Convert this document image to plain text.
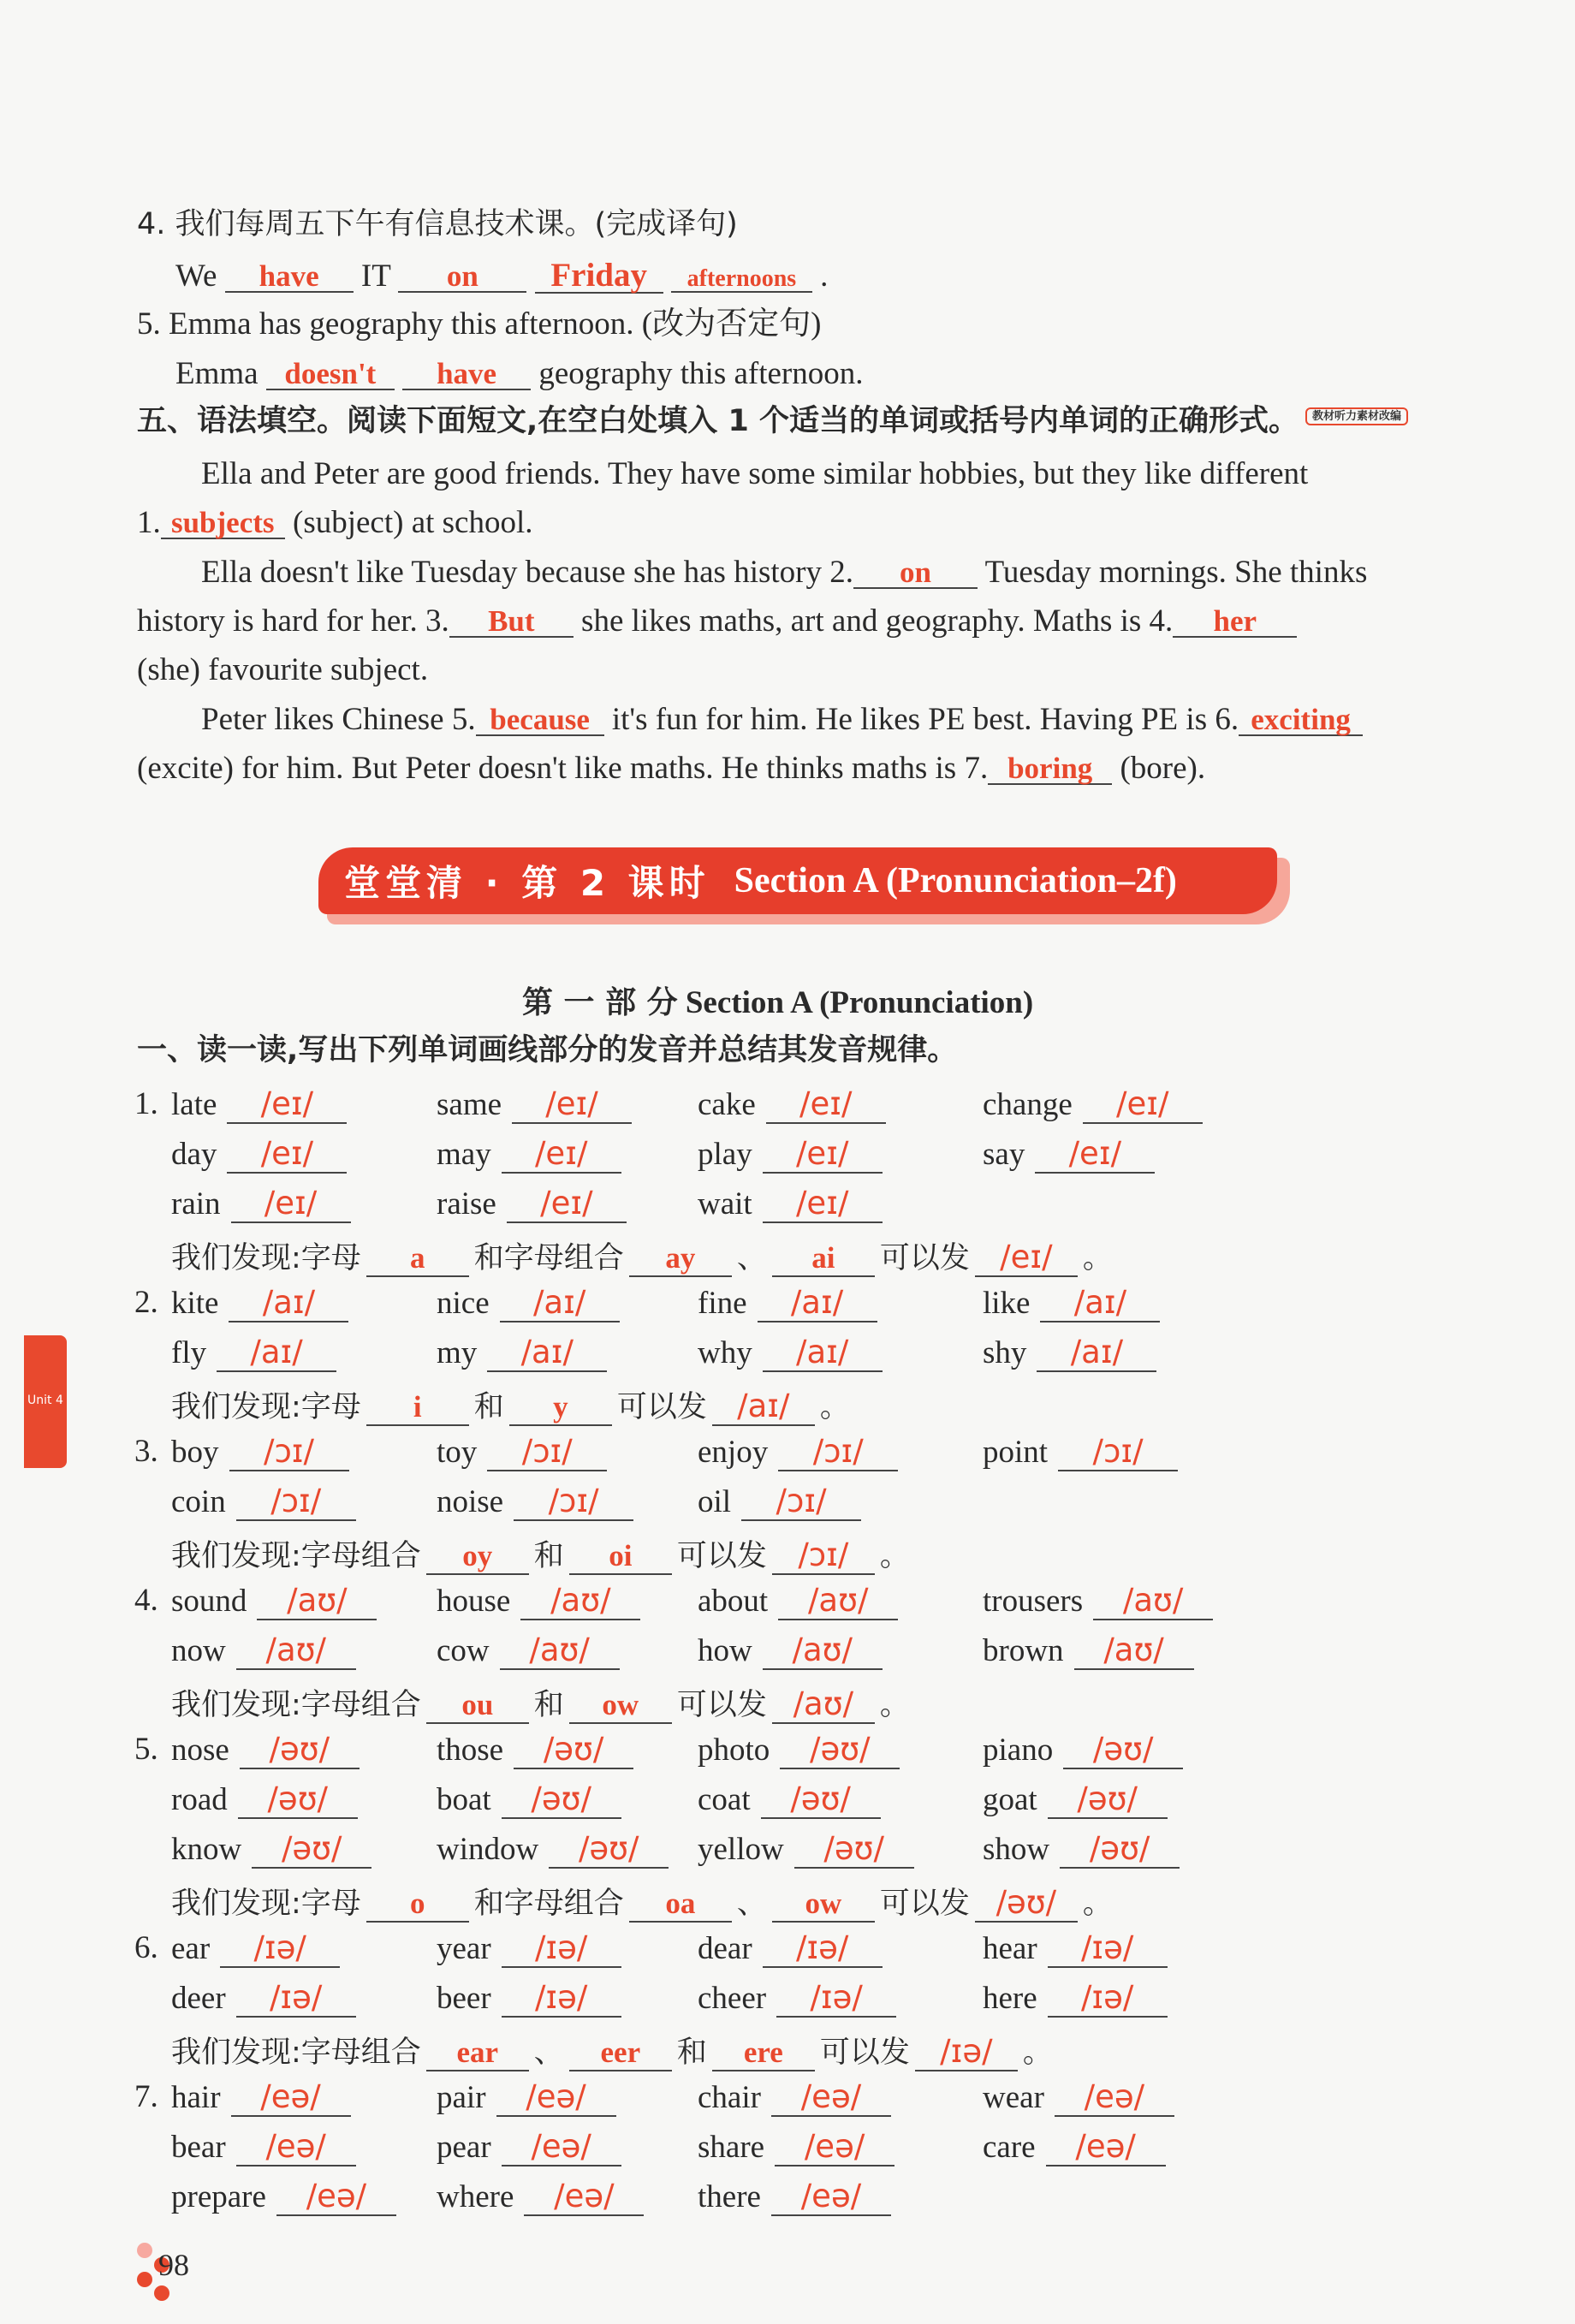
4. 我们每周五下午有信息技术课。(完成译句)
We have IT on Friday afternoons .
5. Emma has geography this afternoon. (改为否定句)
Emma doesn't have geography this afternoon.
五、语法填空。阅读下面短文,在空白处填入 1 个适当的单词或括号内单词的正确形式。 教材听力素材改编
Ella and Peter are good friends. They have some similar hobbies, but they like different
1. subjects (subject) at school.
Ella doesn't like Tuesday because she has history 2. on Tuesday mornings. She thinks
history is hard for her. 3. But she likes maths, art and geography. Maths is 4. her
(she) favourite subject.
Peter likes Chinese 5. because it's fun for him. He likes PE best. Having PE is 6. exciting
(excite) for him. But Peter doesn't like maths. He thinks maths is 7. boring (bore).
堂堂清 · 第 2 课时 Section A (Pronunciation–2f)
第 一 部 分 Section A (Pronunciation)
一、读一读,写出下列单词画线部分的发音并总结其发音规律。
1. late /eɪ/	same /eɪ/	cake /eɪ/	change /eɪ/
day /eɪ/	may /eɪ/	play /eɪ/	say /eɪ/
rain /eɪ/	raise /eɪ/	wait /eɪ/
我们发现:字母 a 和字母组合 ay 、 ai 可以发 /eɪ/ 。
2. kite /aɪ/	nice /aɪ/	fine /aɪ/	like /aɪ/
fly /aɪ/	my /aɪ/	why /aɪ/	shy /aɪ/
我们发现:字母 i 和 y 可以发 /aɪ/ 。
3. boy /ɔɪ/	toy /ɔɪ/	enjoy /ɔɪ/	point /ɔɪ/
coin /ɔɪ/	noise /ɔɪ/	oil /ɔɪ/
我们发现:字母组合 oy 和 oi 可以发 /ɔɪ/ 。
4. sound /aʊ/	house /aʊ/	about /aʊ/	trousers /aʊ/
now /aʊ/	cow /aʊ/	how /aʊ/	brown /aʊ/
我们发现:字母组合 ou 和 ow 可以发 /aʊ/ 。
5. nose /əʊ/	those /əʊ/	photo /əʊ/	piano /əʊ/
road /əʊ/	boat /əʊ/	coat /əʊ/	goat /əʊ/
know /əʊ/	window /əʊ/	yellow /əʊ/	show /əʊ/
我们发现:字母 o 和字母组合 oa 、 ow 可以发 /əʊ/ 。
6. ear /ɪə/	year /ɪə/	dear /ɪə/	hear /ɪə/
deer /ɪə/	beer /ɪə/	cheer /ɪə/	here /ɪə/
我们发现:字母组合 ear 、 eer 和 ere 可以发 /ɪə/ 。
7. hair /eə/	pair /eə/	chair /eə/	wear /eə/
bear /eə/	pear /eə/	share /eə/	care /eə/
prepare /eə/	where /eə/	there /eə/
Unit 4
98
